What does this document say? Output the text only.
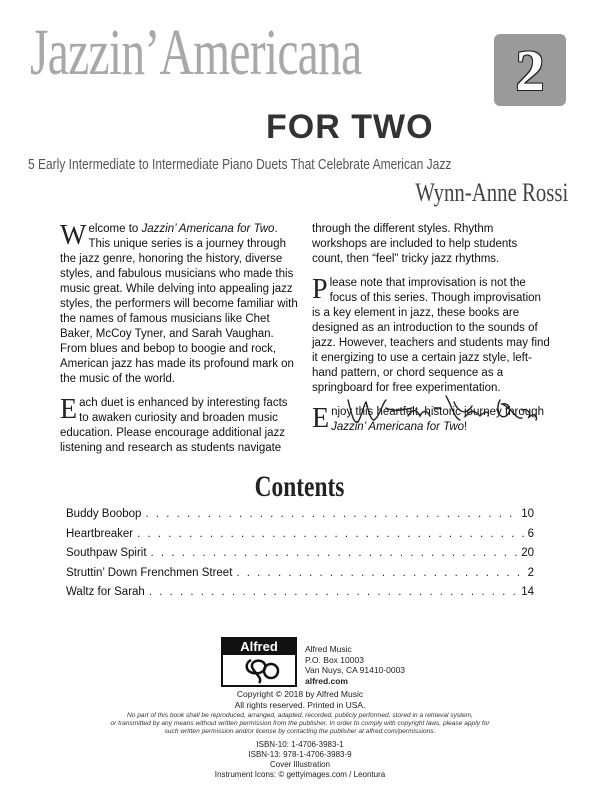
Jazzin’Americana	2
FOR TWO
5 Early Intermediate to Intermediate Piano Duets That Celebrate American Jazz
Wynn-Anne Rossi

Welcome to Jazzin’ Americana for Two. This unique series is a journey through the jazz genre, honoring the history, diverse styles, and fabulous musicians who made this music great. While delving into appealing jazz styles, the performers will become familiar with the names of famous musicians like Chet Baker, McCoy Tyner, and Sarah Vaughan. From blues and bebop to boogie and rock, American jazz has made its profound mark on the music of the world.

Each duet is enhanced by interesting facts to awaken curiosity and broaden music education. Please encourage additional jazz listening and research as students navigate

through the different styles. Rhythm workshops are included to help students count, then “feel” tricky jazz rhythms.

Please note that improvisation is not the focus of this series. Though improvisation is a key element in jazz, these books are designed as an introduction to the sounds of jazz. However, teachers and students may find it energizing to use a certain jazz style, left-hand pattern, or chord sequence as a springboard for free experimentation.

Enjoy this heartfelt, historic journey through Jazzin’ Americana for Two!

Contents
Buddy Boobop . . .	10
Heartbreaker . . .	6
Southpaw Spirit . . .	20
Struttin’ Down Frenchmen Street . . .	2
Waltz for Sarah . . .	14
Alfred	Alfred Music
P.O. Box 10003
Van Nuys, CA 91410-0003
alfred.com
Copyright © 2018 by Alfred Music
All rights reserved. Printed in USA.
No part of this book shall be reproduced, arranged, adapted, recorded, publicly performed, stored in a retrieval system,
or transmitted by any means without written permission from the publisher. In order to comply with copyright laws, please apply for
such written permission and/or license by contacting the publisher at alfred.com/permissions.
ISBN-10: 1-4706-3983-1
ISBN-13: 978-1-4706-3983-9
Cover Illustration
Instrument Icons: © gettyimages.com / Leontura
